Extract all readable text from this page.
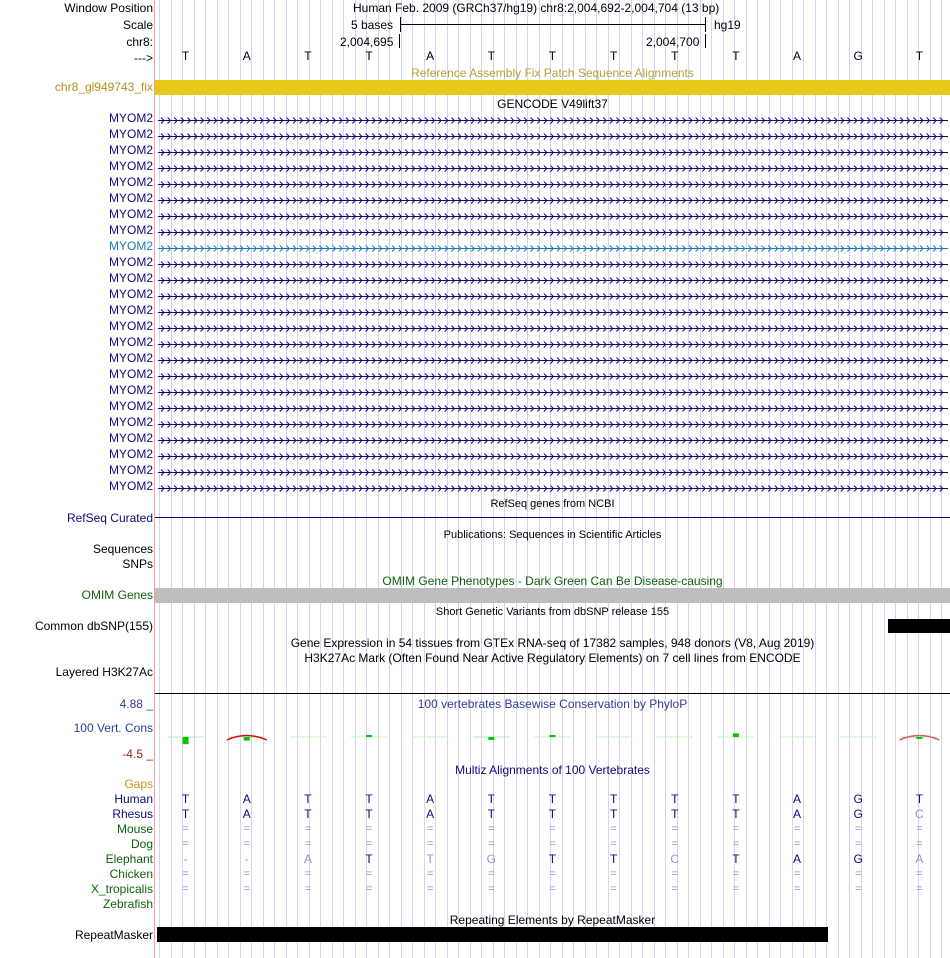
Window Position
Scale
chr8:
--->
Human Feb. 2009 (GRCh37/hg19) chr8:2,004,692-2,004,704 (13 bp)
5 bases	hg19
2,004,695	2,004,700
T	A	T	T	A	T	T	T	T	T	A	G	T
Reference Assembly Fix Patch Sequence Alignments
chr8_gl949743_fix
GENCODE V49lift37
MYOM2
MYOM2
MYOM2
MYOM2
MYOM2
MYOM2
MYOM2
MYOM2
MYOM2
MYOM2
MYOM2
MYOM2
MYOM2
MYOM2
MYOM2
MYOM2
MYOM2
MYOM2
MYOM2
MYOM2
MYOM2
MYOM2
MYOM2
MYOM2
RefSeq genes from NCBI
RefSeq Curated
Publications: Sequences in Scientific Articles
Sequences
SNPs
OMIM Gene Phenotypes - Dark Green Can Be Disease-causing
OMIM Genes
Short Genetic Variants from dbSNP release 155
Common dbSNP(155)
Gene Expression in 54 tissues from GTEx RNA-seq of 17382 samples, 948 donors (V8, Aug 2019)
H3K27Ac Mark (Often Found Near Active Regulatory Elements) on 7 cell lines from ENCODE
Layered H3K27Ac
100 vertebrates Basewise Conservation by PhyloP
4.88 _
100 Vert. Cons
-4.5 _
Multiz Alignments of 100 Vertebrates
Gaps
Human	T	A	T	T	A	T	T	T	T	T	A	G	T
Rhesus	T	A	T	T	A	T	T	T	T	T	A	G	C
Mouse	=	=	=	=	=	=	=	=	=	=	=	=	=
Dog	=	=	=	=	=	=	=	=	=	=	=	=	=
Elephant	-	-	A	T	T	G	T	T	C	T	A	G	A
Chicken	=	=	=	=	=	=	=	=	=	=	=	=	=
X_tropicalis	=	=	=	=	=	=	=	=	=	=	=	=	=
Zebrafish
Repeating Elements by RepeatMasker
RepeatMasker
